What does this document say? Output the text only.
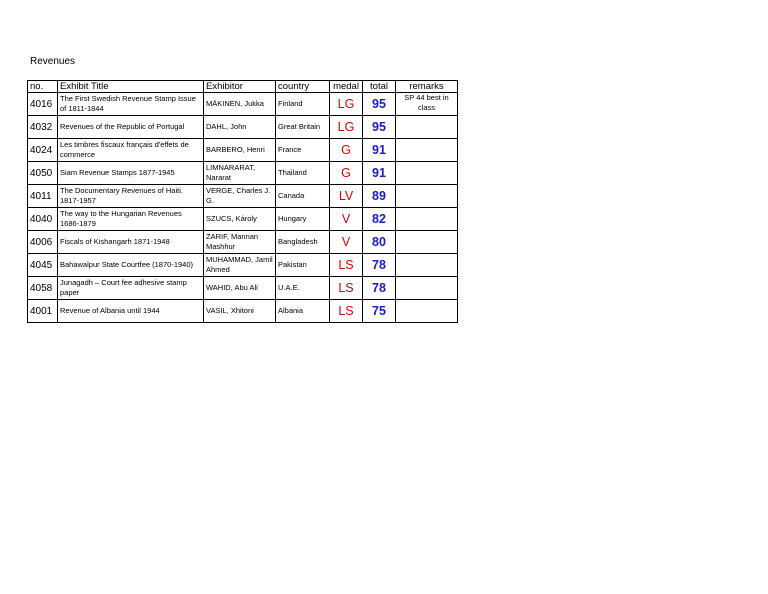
Revenues
no.	Exhibit Title	Exhibitor	country	medal	total	remarks
4016	The First Swedish Revenue Stamp Issue of 1811-1844	MÄKINEN, Jukka	Finland	LG	95	SP 44 best in class
4032	Revenues of the Republic of Portugal	DAHL, John	Great Britain	LG	95	
4024	Les timbres fiscaux français d'effets de commerce	BARBERO, Henri	France	G	91	
4050	Siam Revenue Stamps 1877-1945	LIMNARARAT, Nararat	Thailand	G	91	
4011	The Documentary Revenues of Haiti. 1817-1957	VERGE, Charles J. G.	Canada	LV	89	
4040	The way to the Hungarian Revenues 1686-1879	SZUCS, Károly	Hungary	V	82	
4006	Fiscals of Kishangarh 1871-1948	ZARIF, Mannan Mashhur	Bangladesh	V	80	
4045	Bahawalpur State Courtfee (1870-1940)	MUHAMMAD, Jamil Ahmed	Pakistan	LS	78	
4058	Junagadh – Court fee adhesive stamp paper	WAHID, Abu Ali	U.A.E.	LS	78	
4001	Revenue of Albania until 1944	VASIL, Xhitoni	Albania	LS	75	
